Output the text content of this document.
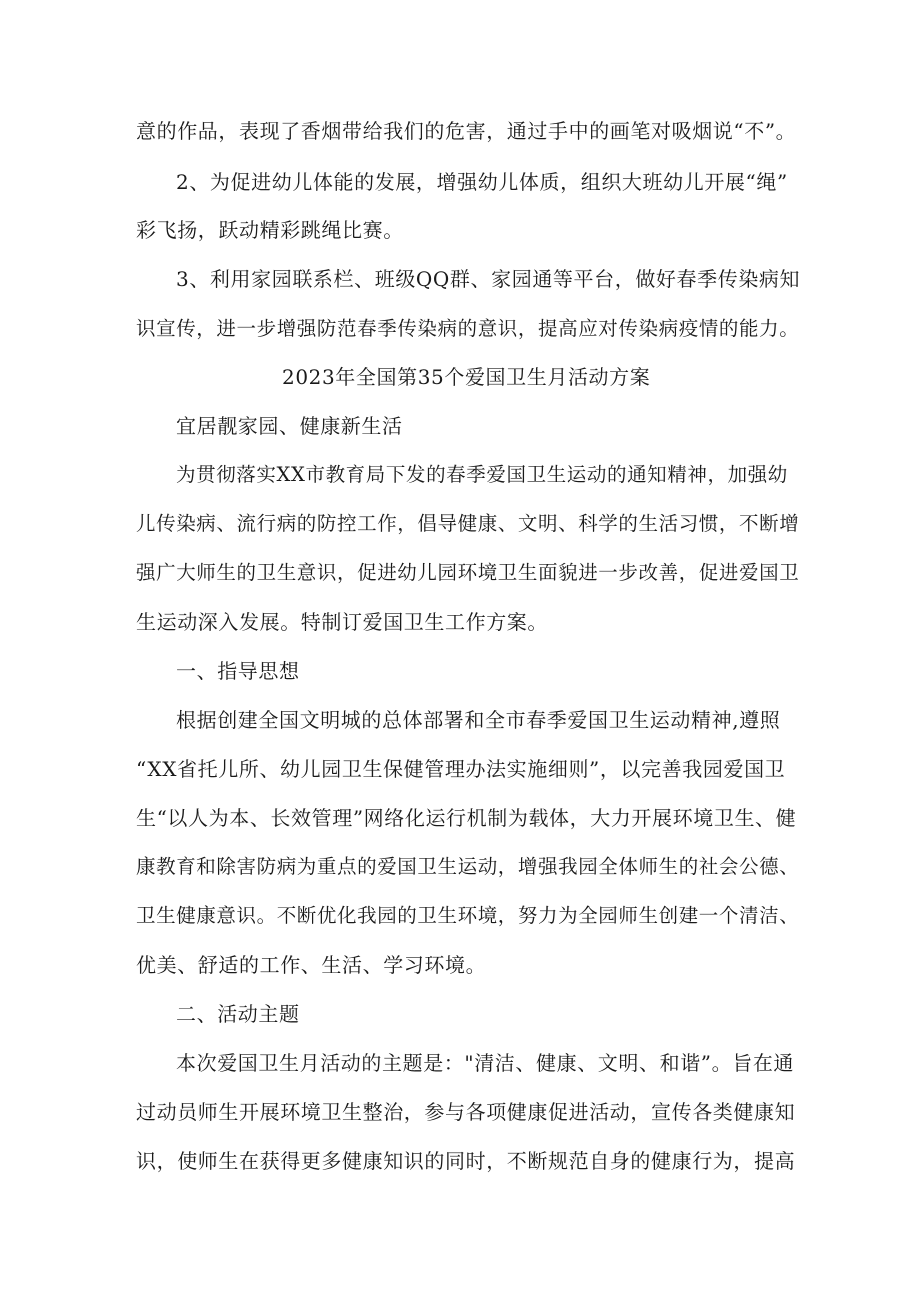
意的作品，表现了香烟带给我们的危害，通过手中的画笔对吸烟说“不”。
2、为促进幼儿体能的发展，增强幼儿体质，组织大班幼儿开展“绳”
彩飞扬，跃动精彩跳绳比赛。
3、利用家园联系栏、班级QQ群、家园通等平台，做好春季传染病知
识宣传，进一步增强防范春季传染病的意识，提高应对传染病疫情的能力。
2023年全国第35个爱国卫生月活动方案
宜居靓家园、健康新生活
为贯彻落实XX市教育局下发的春季爱国卫生运动的通知精神，加强幼
儿传染病、流行病的防控工作，倡导健康、文明、科学的生活习惯，不断增
强广大师生的卫生意识，促进幼儿园环境卫生面貌进一步改善，促进爱国卫
生运动深入发展。特制订爱国卫生工作方案。
一、指导思想
根据创建全国文明城的总体部署和全市春季爱国卫生运动精神,遵照
“XX省托儿所、幼儿园卫生保健管理办法实施细则”，以完善我园爱国卫
生“以人为本、长效管理”网络化运行机制为载体，大力开展环境卫生、健
康教育和除害防病为重点的爱国卫生运动，增强我园全体师生的社会公德、
卫生健康意识。不断优化我园的卫生环境，努力为全园师生创建一个清洁、
优美、舒适的工作、生活、学习环境。
二、活动主题
本次爱国卫生月活动的主题是："清洁、健康、文明、和谐”。旨在通
过动员师生开展环境卫生整治，参与各项健康促进活动，宣传各类健康知
识，使师生在获得更多健康知识的同时，不断规范自身的健康行为，提高
